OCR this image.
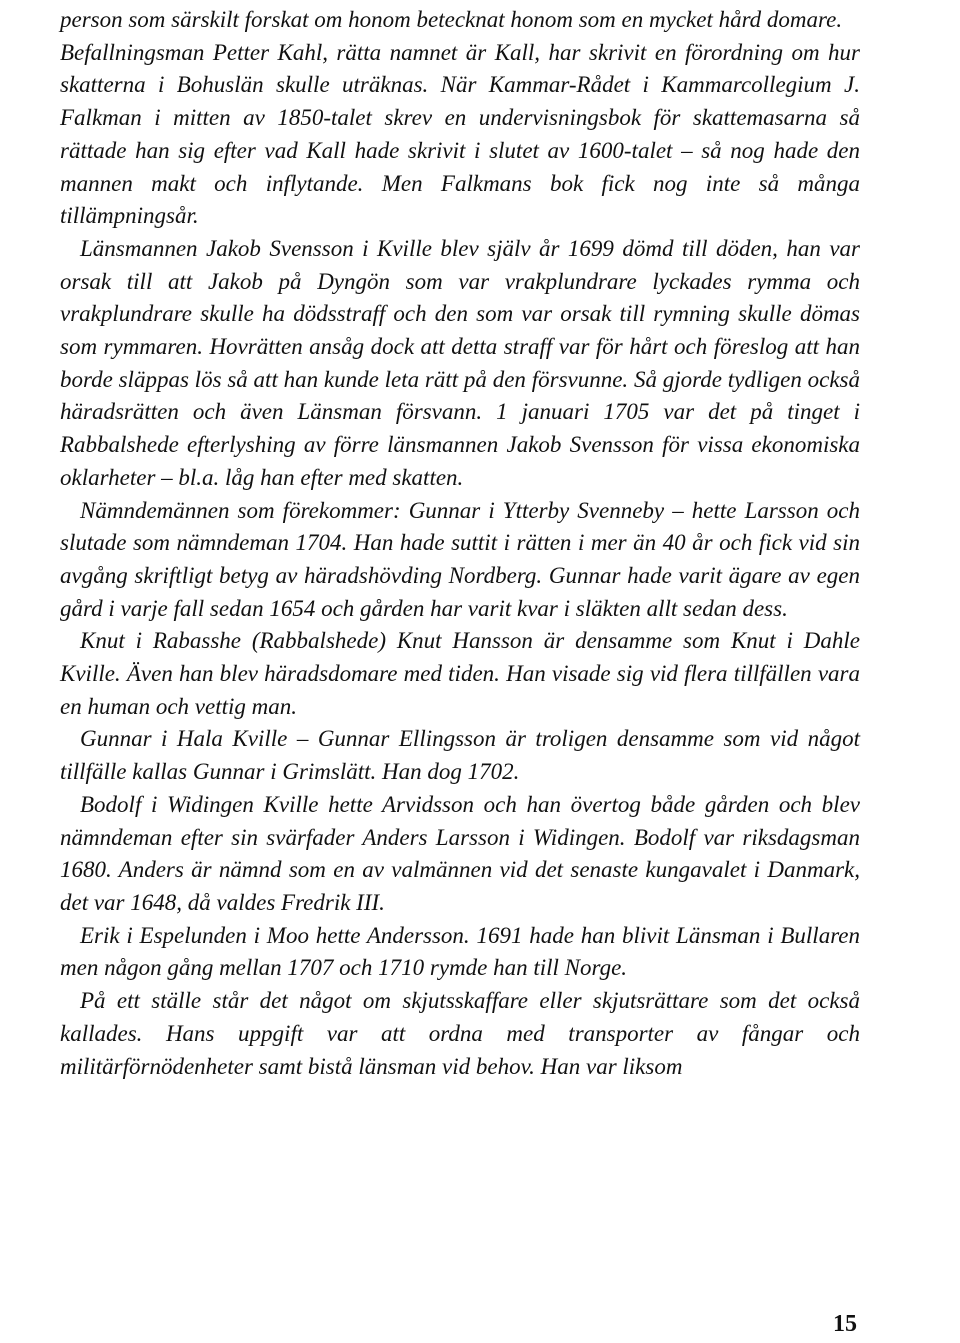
person som särskilt forskat om honom betecknat honom som en mycket hård domare.

Befallningsman Petter Kahl, rätta namnet är Kall, har skrivit en förordning om hur skatterna i Bohuslän skulle uträknas. När Kammar-Rådet i Kammarcollegium J. Falkman i mitten av 1850-talet skrev en undervisningsbok för skattemasarna så rättade han sig efter vad Kall hade skrivit i slutet av 1600-talet – så nog hade den mannen makt och inflytande. Men Falkmans bok fick nog inte så många tillämpningsår.

Länsmannen Jakob Svensson i Kville blev själv år 1699 dömd till döden, han var orsak till att Jakob på Dyngön som var vrakplundrare lyckades rymma och vrakplundrare skulle ha dödsstraff och den som var orsak till rymning skulle dömas som rymmaren. Hovrätten ansåg dock att detta straff var för hårt och föreslog att han borde släppas lös så att han kunde leta rätt på den försvunne. Så gjorde tydligen också häradsrätten och även Länsman försvann. 1 januari 1705 var det på tinget i Rabbalshede efterlyshing av förre länsmannen Jakob Svensson för vissa ekonomiska oklarheter – bl.a. låg han efter med skatten.

Nämndemännen som förekommer: Gunnar i Ytterby Svenneby – hette Larsson och slutade som nämndeman 1704. Han hade suttit i rätten i mer än 40 år och fick vid sin avgång skriftligt betyg av häradshövding Nordberg. Gunnar hade varit ägare av egen gård i varje fall sedan 1654 och gården har varit kvar i släkten allt sedan dess.

Knut i Rabasshe (Rabbalshede) Knut Hansson är densamme som Knut i Dahle Kville. Även han blev häradsdomare med tiden. Han visade sig vid flera tillfällen vara en human och vettig man.

Gunnar i Hala Kville – Gunnar Ellingsson är troligen densamme som vid något tillfälle kallas Gunnar i Grimslätt. Han dog 1702.

Bodolf i Widingen Kville hette Arvidsson och han övertog både gården och blev nämndeman efter sin svärfader Anders Larsson i Widingen. Bodolf var riksdagsman 1680. Anders är nämnd som en av valmännen vid det senaste kungavalet i Danmark, det var 1648, då valdes Fredrik III.

Erik i Espelunden i Moo hette Andersson. 1691 hade han blivit Länsman i Bullaren men någon gång mellan 1707 och 1710 rymde han till Norge.

På ett ställe står det något om skjutsskaffare eller skjutsrättare som det också kallades. Hans uppgift var att ordna med transporter av fångar och militärförnödenheter samt bistå länsman vid behov. Han var liksom

15
